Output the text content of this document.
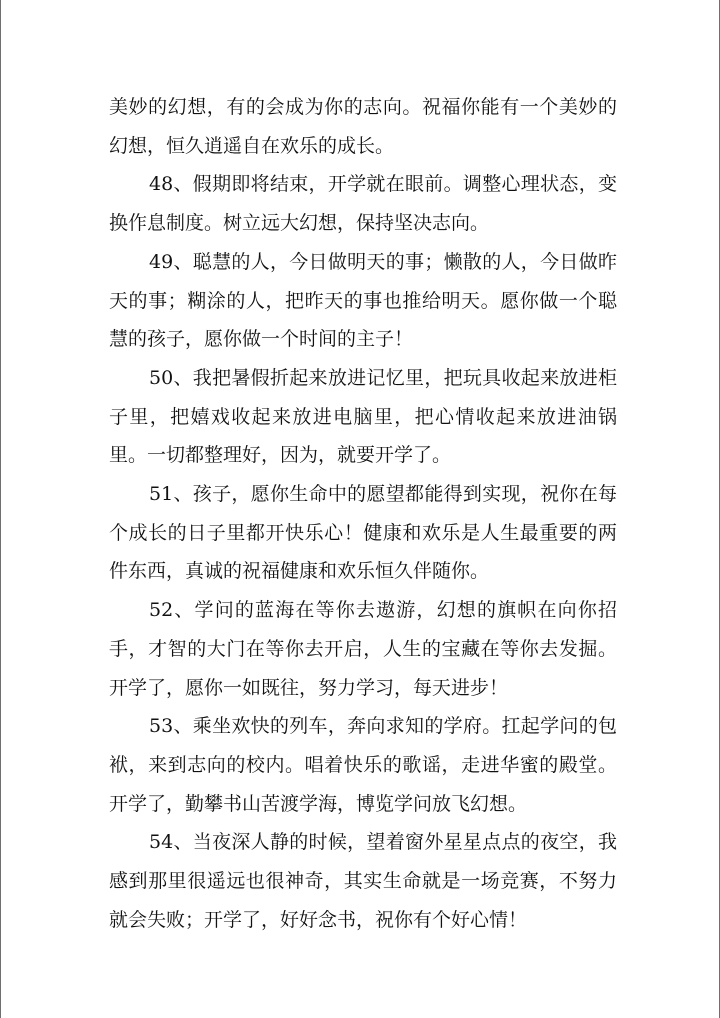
美妙的幻想，有的会成为你的志向。祝福你能有一个美妙的幻想，恒久逍遥自在欢乐的成长。

48、假期即将结束，开学就在眼前。调整心理状态，变换作息制度。树立远大幻想，保持坚决志向。

49、聪慧的人，今日做明天的事；懒散的人，今日做昨天的事；糊涂的人，把昨天的事也推给明天。愿你做一个聪慧的孩子，愿你做一个时间的主子！

50、我把暑假折起来放进记忆里，把玩具收起来放进柜子里，把嬉戏收起来放进电脑里，把心情收起来放进油锅里。一切都整理好，因为，就要开学了。

51、孩子，愿你生命中的愿望都能得到实现，祝你在每个成长的日子里都开快乐心！健康和欢乐是人生最重要的两件东西，真诚的祝福健康和欢乐恒久伴随你。

52、学问的蓝海在等你去遨游，幻想的旗帜在向你招手，才智的大门在等你去开启，人生的宝藏在等你去发掘。开学了，愿你一如既往，努力学习，每天进步！

53、乘坐欢快的列车，奔向求知的学府。扛起学问的包袱，来到志向的校内。唱着快乐的歌谣，走进华蜜的殿堂。开学了，勤攀书山苦渡学海，博览学问放飞幻想。

54、当夜深人静的时候，望着窗外星星点点的夜空，我感到那里很遥远也很神奇，其实生命就是一场竞赛，不努力就会失败；开学了，好好念书，祝你有个好心情！
